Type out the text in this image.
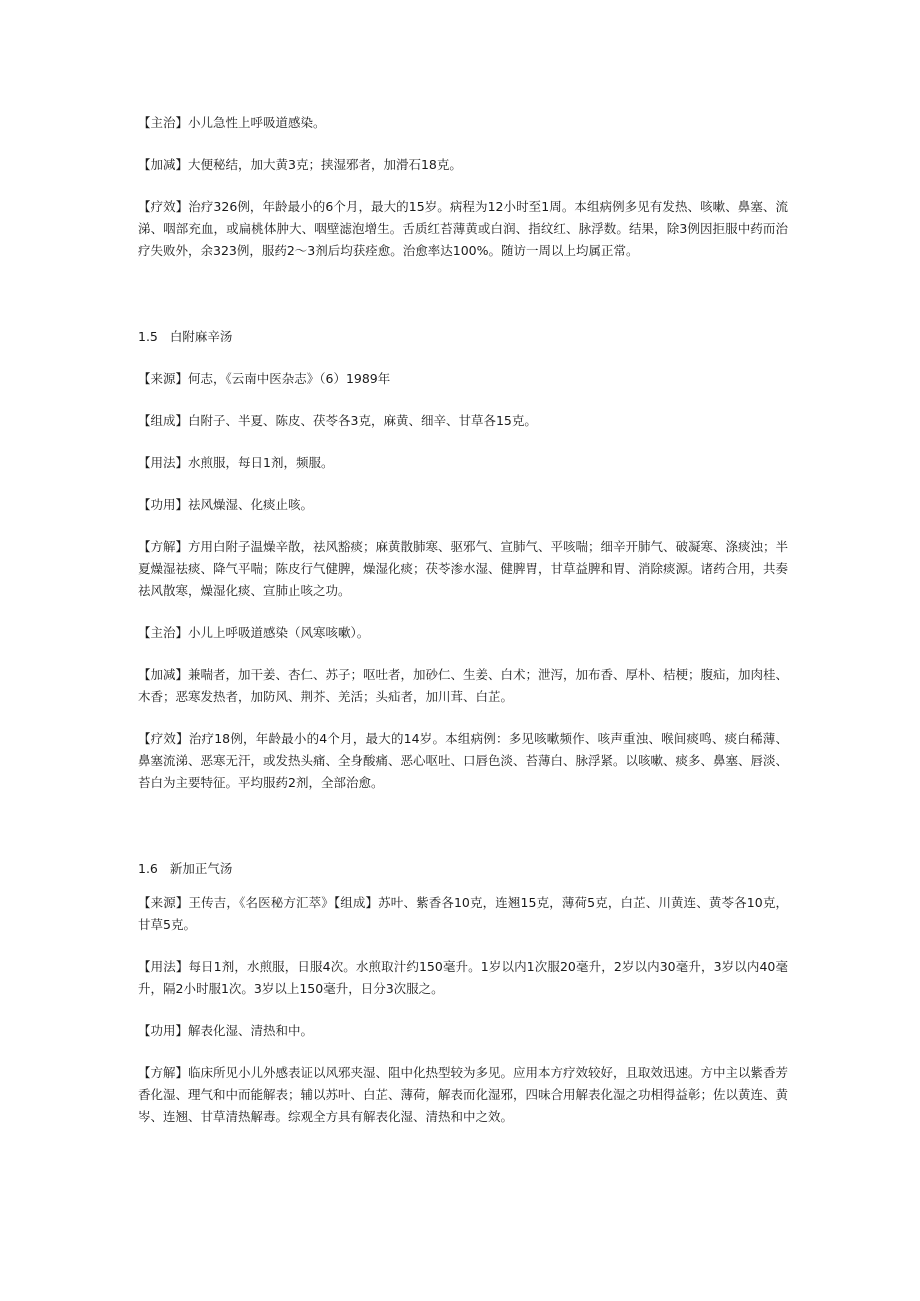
【主治】小儿急性上呼吸道感染。

【加减】大便秘结，加大黄3克；挟湿邪者，加滑石18克。

【疗效】治疗326例，年龄最小的6个月，最大的15岁。病程为12小时至1周。本组病例多见有发热、咳嗽、鼻塞、流涕、咽部充血，或扁桃体肿大、咽壁滤泡增生。舌质红苔薄黄或白润、指纹红、脉浮数。结果，除3例因拒服中药而治疗失败外，余323例，服药2～3剂后均获痊愈。治愈率达100%。随访一周以上均属正常。

1.5 白附麻辛汤

【来源】何志，《云南中医杂志》（6）1989年

【组成】白附子、半夏、陈皮、茯苓各3克，麻黄、细辛、甘草各15克。

【用法】水煎服，每日1剂，频服。

【功用】祛风燥湿、化痰止咳。

【方解】方用白附子温燥辛散，祛风豁痰；麻黄散肺寒、驱邪气、宣肺气、平咳喘；细辛开肺气、破凝寒、涤痰浊；半夏燥湿祛痰、降气平喘；陈皮行气健脾，燥湿化痰；茯苓渗水湿、健脾胃，甘草益脾和胃、消除痰源。诸药合用，共奏祛风散寒，燥湿化痰、宣肺止咳之功。

【主治】小儿上呼吸道感染（风寒咳嗽）。

【加减】兼喘者，加干姜、杏仁、苏子；呕吐者，加砂仁、生姜、白术；泄泻，加布香、厚朴、桔梗；腹疝，加肉桂、木香；恶寒发热者，加防风、荆芥、羌活；头疝者，加川茸、白芷。

【疗效】治疗18例，年龄最小的4个月，最大的14岁。本组病例：多见咳嗽频作、咳声重浊、喉间痰鸣、痰白稀薄、鼻塞流涕、恶寒无汗，或发热头痛、全身酸痛、恶心呕吐、口唇色淡、苔薄白、脉浮紧。以咳嗽、痰多、鼻塞、唇淡、苔白为主要特征。平均服药2剂，全部治愈。

1.6 新加正气汤

【来源】王传吉，《名医秘方汇萃》【组成】苏叶、紫香各10克，连翘15克，薄荷5克，白芷、川黄连、黄苓各10克，甘草5克。

【用法】每日1剂，水煎服，日服4次。水煎取汁约150毫升。1岁以内1次服20毫升，2岁以内30毫升，3岁以内40毫升，隔2小时服1次。3岁以上150毫升，日分3次服之。

【功用】解表化湿、清热和中。

【方解】临床所见小儿外感表证以风邪夹湿、阻中化热型较为多见。应用本方疗效较好，且取效迅速。方中主以紫香芳香化湿、理气和中而能解表；辅以苏叶、白芷、薄荷，解表而化湿邪，四味合用解表化湿之功相得益彰；佐以黄连、黄岑、连翘、甘草清热解毒。综观全方具有解表化湿、清热和中之效。
